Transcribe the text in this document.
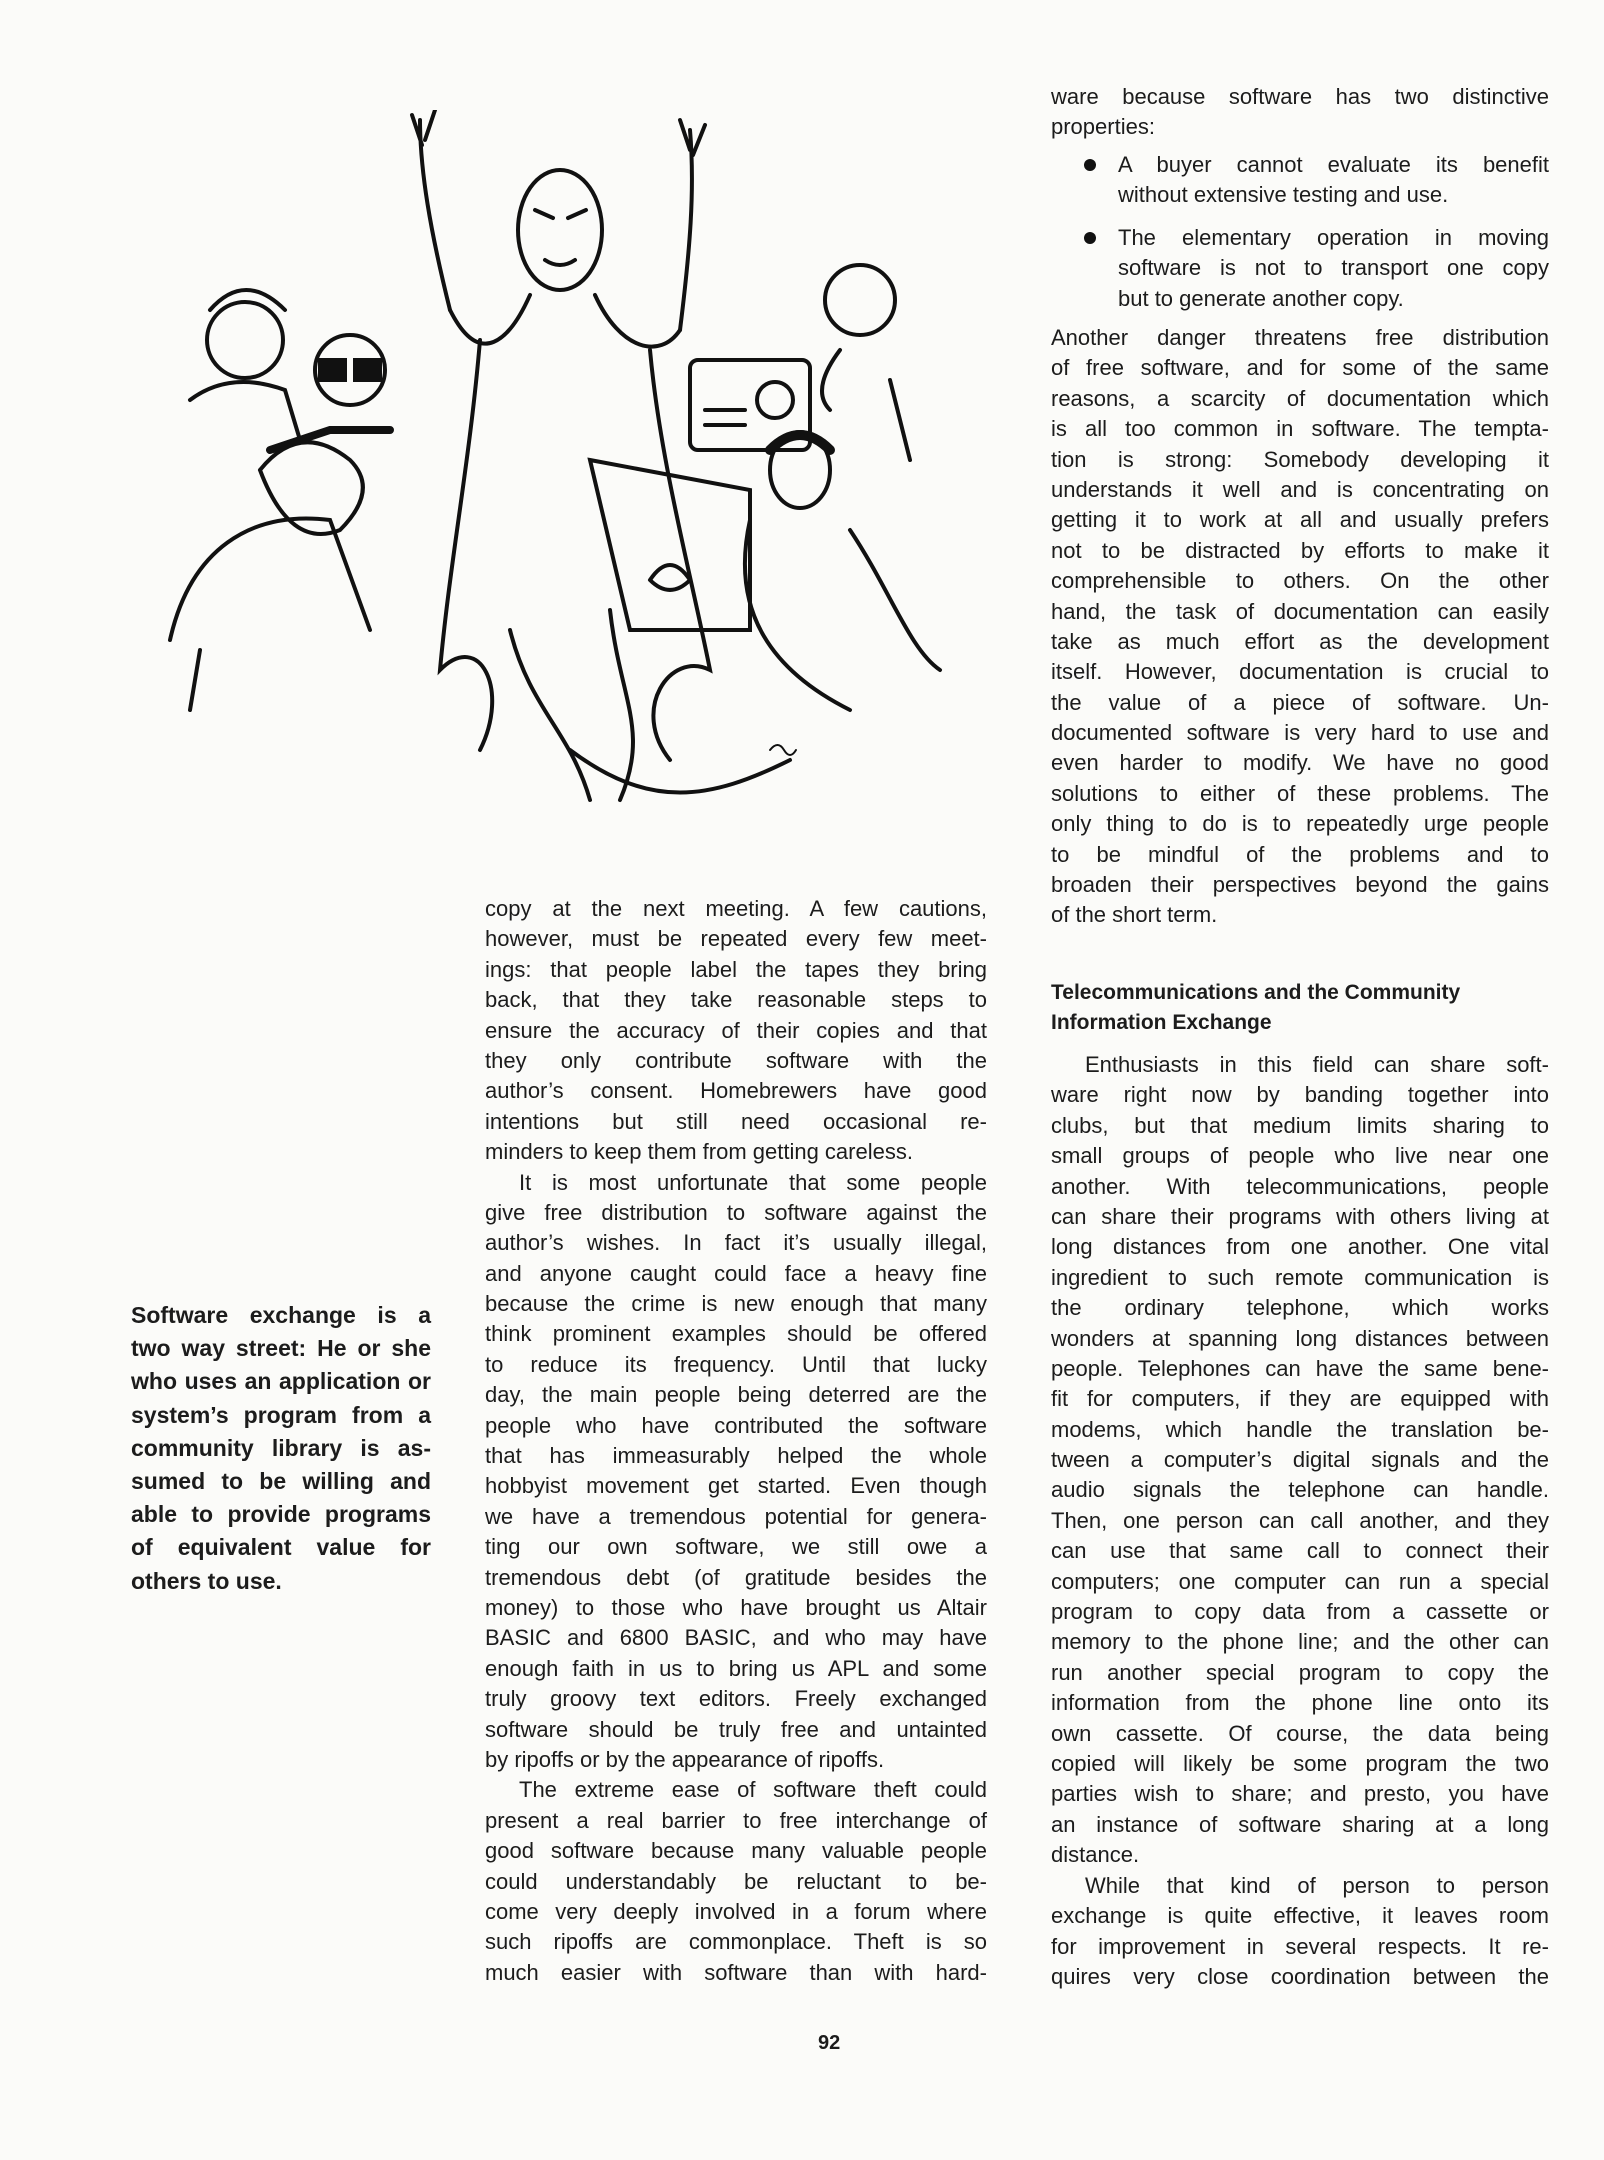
Software exchange is a
two way street: He or she
who uses an application or
system’s program from a
community library is as-
sumed to be willing and
able to provide programs
of equivalent value for
others to use.
copy at the next meeting. A few cautions,
however, must be repeated every few meet-
ings: that people label the tapes they bring
back, that they take reasonable steps to
ensure the accuracy of their copies and that
they only contribute software with the
author’s consent. Homebrewers have good
intentions but still need occasional re-
minders to keep them from getting careless.
It is most unfortunate that some people
give free distribution to software against the
author’s wishes. In fact it’s usually illegal,
and anyone caught could face a heavy fine
because the crime is new enough that many
think prominent examples should be offered
to reduce its frequency. Until that lucky
day, the main people being deterred are the
people who have contributed the software
that has immeasurably helped the whole
hobbyist movement get started. Even though
we have a tremendous potential for genera-
ting our own software, we still owe a
tremendous debt (of gratitude besides the
money) to those who have brought us Altair
BASIC and 6800 BASIC, and who may have
enough faith in us to bring us APL and some
truly groovy text editors. Freely exchanged
software should be truly free and untainted
by ripoffs or by the appearance of ripoffs.
The extreme ease of software theft could
present a real barrier to free interchange of
good software because many valuable people
could understandably be reluctant to be-
come very deeply involved in a forum where
such ripoffs are commonplace. Theft is so
much easier with software than with hard-
ware because software has two distinctive
properties:
A buyer cannot evaluate its benefit
without extensive testing and use.
The elementary operation in moving
software is not to transport one copy
but to generate another copy.
Another danger threatens free distribution
of free software, and for some of the same
reasons, a scarcity of documentation which
is all too common in software. The tempta-
tion is strong: Somebody developing it
understands it well and is concentrating on
getting it to work at all and usually prefers
not to be distracted by efforts to make it
comprehensible to others. On the other
hand, the task of documentation can easily
take as much effort as the development
itself. However, documentation is crucial to
the value of a piece of software. Un-
documented software is very hard to use and
even harder to modify. We have no good
solutions to either of these problems. The
only thing to do is to repeatedly urge people
to be mindful of the problems and to
broaden their perspectives beyond the gains
of the short term.
Telecommunications and the Community
Information Exchange
Enthusiasts in this field can share soft-
ware right now by banding together into
clubs, but that medium limits sharing to
small groups of people who live near one
another. With telecommunications, people
can share their programs with others living at
long distances from one another. One vital
ingredient to such remote communication is
the ordinary telephone, which works
wonders at spanning long distances between
people. Telephones can have the same bene-
fit for computers, if they are equipped with
modems, which handle the translation be-
tween a computer’s digital signals and the
audio signals the telephone can handle.
Then, one person can call another, and they
can use that same call to connect their
computers; one computer can run a special
program to copy data from a cassette or
memory to the phone line; and the other can
run another special program to copy the
information from the phone line onto its
own cassette. Of course, the data being
copied will likely be some program the two
parties wish to share; and presto, you have
an instance of software sharing at a long
distance.
While that kind of person to person
exchange is quite effective, it leaves room
for improvement in several respects. It re-
quires very close coordination between the
92
